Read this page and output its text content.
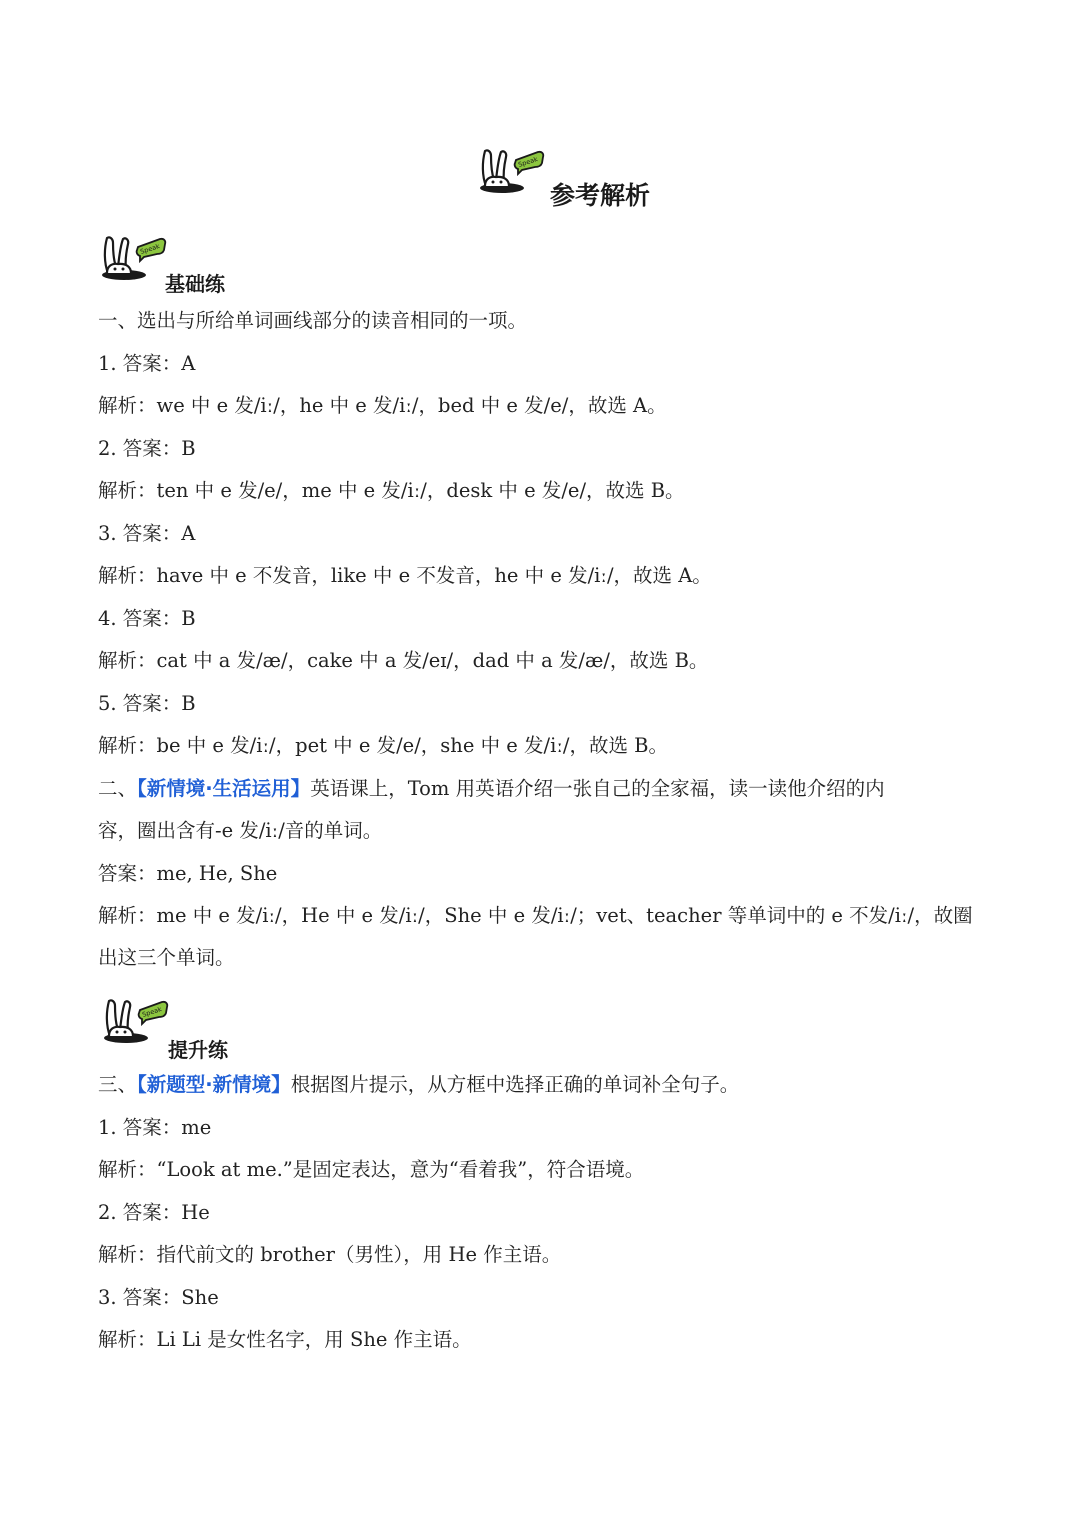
Speak
参考解析
Speak
基础练
一、选出与所给单词画线部分的读音相同的一项。
1. 答案：A
解析：we 中 e 发/iː/，he 中 e 发/iː/，bed 中 e 发/e/，故选 A。
2. 答案：B
解析：ten 中 e 发/e/，me 中 e 发/iː/，desk 中 e 发/e/，故选 B。
3. 答案：A
解析：have 中 e 不发音，like 中 e 不发音，he 中 e 发/iː/，故选 A。
4. 答案：B
解析：cat 中 a 发/æ/，cake 中 a 发/eɪ/，dad 中 a 发/æ/，故选 B。
5. 答案：B
解析：be 中 e 发/iː/，pet 中 e 发/e/，she 中 e 发/iː/，故选 B。
二、【新情境·生活运用】英语课上，Tom 用英语介绍一张自己的全家福，读一读他介绍的内
容，圈出含有-e 发/iː/音的单词。
答案：me, He, She
解析：me 中 e 发/iː/，He 中 e 发/iː/，She 中 e 发/iː/；vet、teacher 等单词中的 e 不发/iː/，故圈
出这三个单词。
Speak
提升练
三、【新题型·新情境】根据图片提示，从方框中选择正确的单词补全句子。
1. 答案：me
解析：“Look at me.”是固定表达，意为“看着我”，符合语境。
2. 答案：He
解析：指代前文的 brother（男性），用 He 作主语。
3. 答案：She
解析：Li Li 是女性名字，用 She 作主语。
